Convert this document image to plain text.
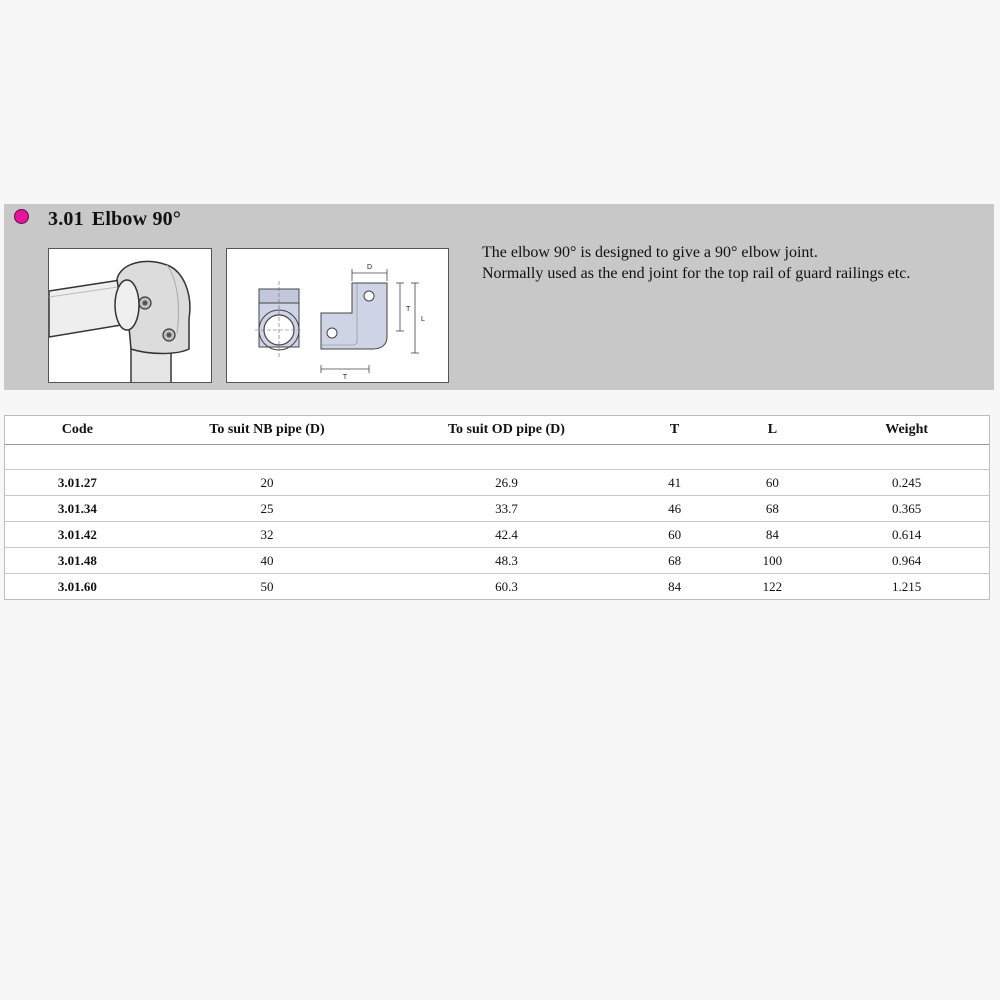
3.01 Elbow 90°
D
T
L
T
The elbow 90° is designed to give a 90° elbow joint.
Normally used as the end joint for the top rail of guard railings etc.
Code	To suit NB pipe (D)	To suit OD pipe (D)	T	L	Weight

3.01.27	20	26.9	41	60	0.245
3.01.34	25	33.7	46	68	0.365
3.01.42	32	42.4	60	84	0.614
3.01.48	40	48.3	68	100	0.964
3.01.60	50	60.3	84	122	1.215
